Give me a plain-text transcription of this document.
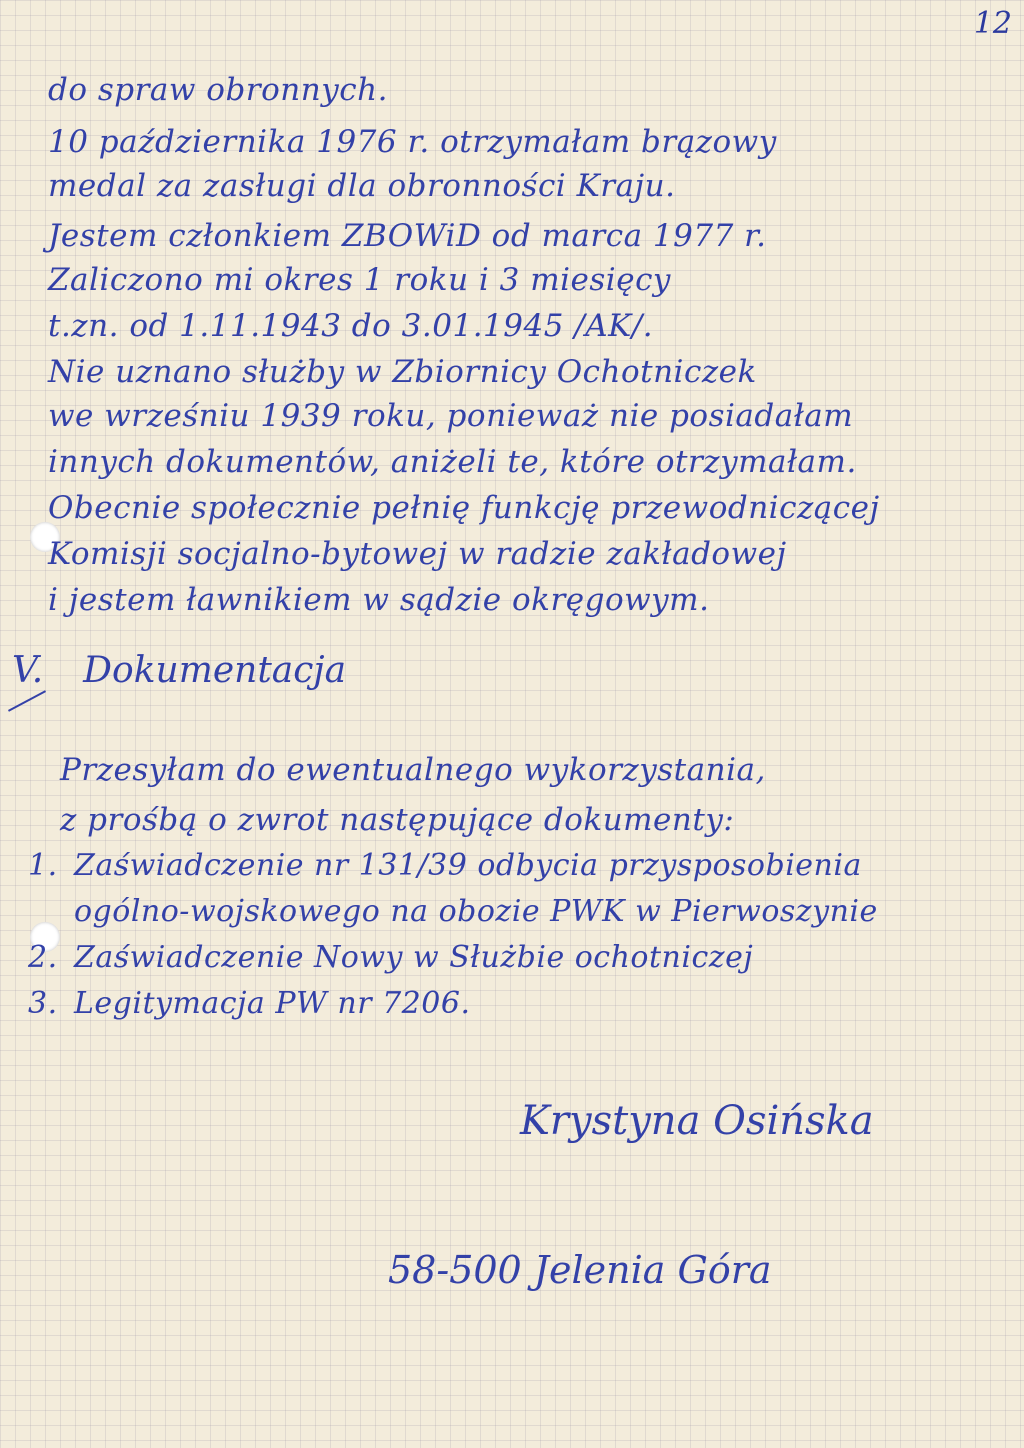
12
do spraw obronnych.
10 października 1976 r. otrzymałam brązowy
medal za zasługi dla obronności Kraju.
Jestem członkiem ZBOWiD od marca 1977 r.
Zaliczono mi okres 1 roku i 3 miesięcy
t.zn. od 1.11.1943 do 3.01.1945 /AK/.
Nie uznano służby w Zbiornicy Ochotniczek
we wrześniu 1939 roku, ponieważ nie posiadałam
innych dokumentów, aniżeli te, które otrzymałam.
Obecnie społecznie pełnię funkcję przewodniczącej
Komisji socjalno-bytowej w radzie zakładowej
i jestem ławnikiem w sądzie okręgowym.
V. Dokumentacja
Przesyłam do ewentualnego wykorzystania,
z prośbą o zwrot następujące dokumenty:
1. Zaświadczenie nr 131/39 odbycia przysposobienia
ogólno-wojskowego na obozie PWK w Pierwoszynie
2. Zaświadczenie Nowy w Służbie ochotniczej
3. Legitymacja PW nr 7206.
Krystyna Osińska
58-500 Jelenia Góra
